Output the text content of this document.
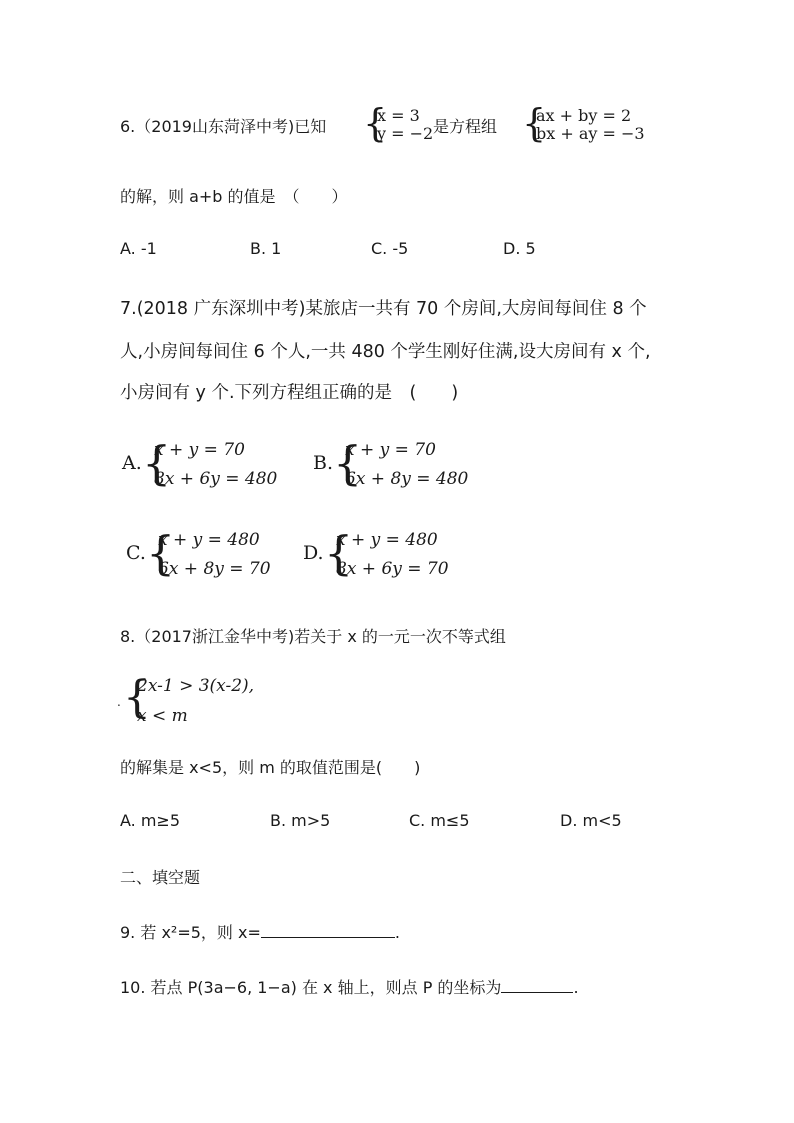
6.（2019山东菏泽中考)已知 {
x = 3
y = −2 是方程组 {
ax + by = 2
bx + ay = −3
的解，则 a+b 的值是　（　　）
A. -1	B. 1	C. -5	D. 5
7.(2018 广东深圳中考)某旅店一共有 70 个房间,大房间每间住 8 个
人,小房间每间住 6 个人,一共 480 个学生刚好住满,设大房间有 x 个,
小房间有 y 个.下列方程组正确的是　(　　)
A. {
x + y = 70
8x + 6y = 480
B. {
x + y = 70
6x + 8y = 480
C. {
x + y = 480
6x + 8y = 70
D. {
x + y = 480
8x + 6y = 70
8.（2017浙江金华中考)若关于 x 的一元一次不等式组
. {
2x-1 > 3(x-2),
x < m
的解集是 x<5，则 m 的取值范围是(　　)
A. m≥5	B. m>5	C. m≤5	D. m<5
二、填空题
9. 若 x²=5，则 x=	.
10. 若点 P(3a−6, 1−a) 在 x 轴上，则点 P 的坐标为	.
